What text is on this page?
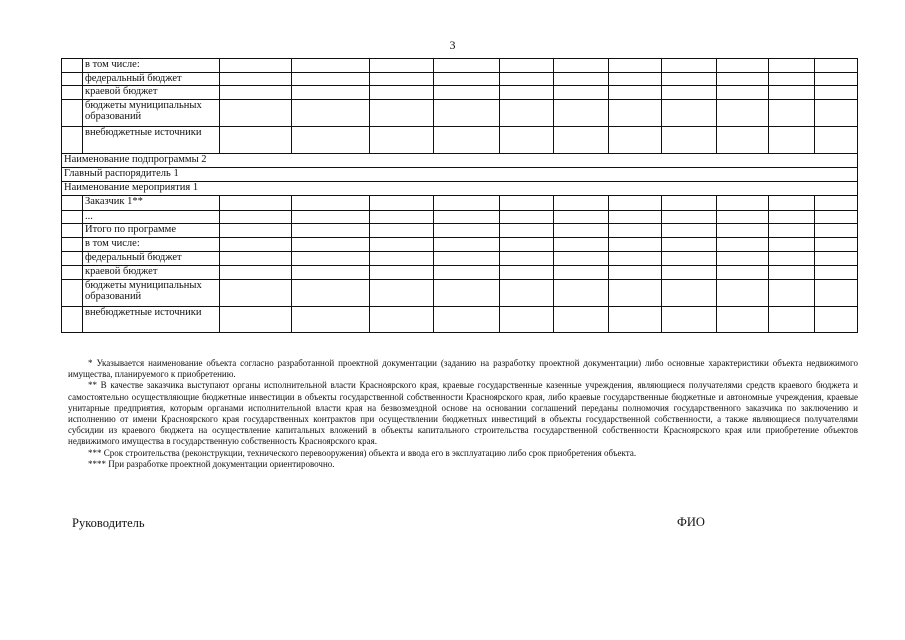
3
	в том числе:											
	федеральный бюджет											
	краевой бюджет											
	бюджеты муниципальных образований											
	внебюджетные источники											
Наименование подпрограммы 2												
Главный распорядитель 1												
Наименование мероприятия 1												
	Заказчик 1**											
	...											
	Итого по программе											
	в том числе:											
	федеральный бюджет											
	краевой бюджет											
	бюджеты муниципальных образований											
	внебюджетные источники											

* Указывается наименование объекта согласно разработанной проектной документации (заданию на разработку проектной документации) либо основные характеристики объекта недвижимого имущества, планируемого к приобретению.

** В качестве заказчика выступают органы исполнительной власти Красноярского края, краевые государственные казенные учреждения, являющиеся получателями средств краевого бюджета и самостоятельно осуществляющие бюджетные инвестиции в объекты государственной собственности Красноярского края, либо краевые государственные бюджетные и автономные учреждения, краевые унитарные предприятия, которым органами исполнительной власти края на безвозмездной основе на основании соглашений переданы полномочия государственного заказчика по заключению и исполнению от имени Красноярского края государственных контрактов при осуществлении бюджетных инвестиций в объекты государственной собственности, а также являющиеся получателями субсидии из краевого бюджета на осуществление капитальных вложений в объекты капитального строительства государственной собственности Красноярского края или приобретение объектов недвижимого имущества в государственную собственность Красноярского края.

*** Срок строительства (реконструкции, технического перевооружения) объекта и ввода его в эксплуатацию либо срок приобретения объекта.

**** При разработке проектной документации ориентировочно.

Руководитель	ФИО
